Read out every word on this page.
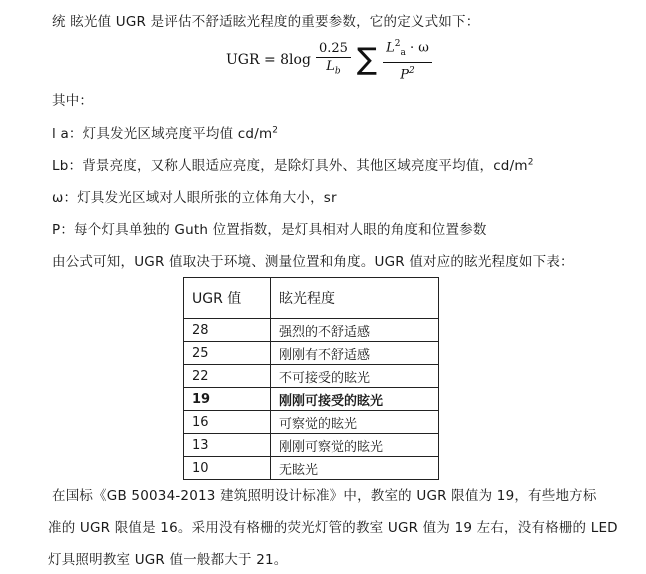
统 眩光值 UGR 是评估不舒适眩光程度的重要参数，它的定义式如下：
UGR = $8\log \frac{0.25}{L_b}$ ∑ $\frac{L^2_a \cdot \omega}{P^2}$
其中：
l a：灯具发光区域亮度平均值 $cd/m^2$
Lb：背景亮度，又称人眼适应亮度，是除灯具外、其他区域亮度平均值，$cd/m^2$
ω：灯具发光区域对人眼所张的立体角大小，sr
P：每个灯具单独的 Guth 位置指数，是灯具相对人眼的角度和位置参数
由公式可知，UGR 值取决于环境、测量位置和角度。UGR 值对应的眩光程度如下表：
UGR 值	眩光程度
28	强烈的不舒适感
25	刚刚有不舒适感
22	不可接受的眩光
19	刚刚可接受的眩光
16	可察觉的眩光
13	刚刚可察觉的眩光
10	无眩光
在国标《GB 50034-2013 建筑照明设计标准》中，教室的 UGR 限值为 19，有些地方标
准的 UGR 限值是 16。采用没有格栅的荧光灯管的教室 UGR 值为 19 左右，没有格栅的 LED
灯具照明教室 UGR 值一般都大于 21。
